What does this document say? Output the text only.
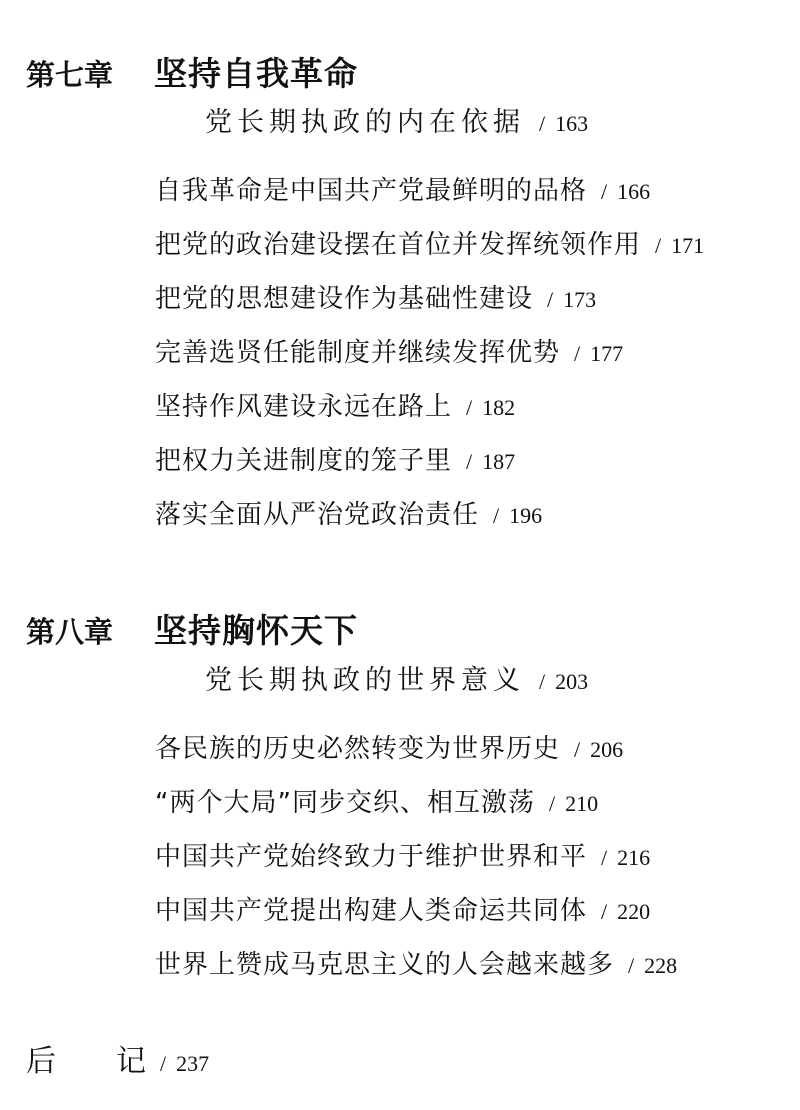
第七章	坚持自我革命
党长期执政的内在依据 / 163
自我革命是中国共产党最鲜明的品格 / 166
把党的政治建设摆在首位并发挥统领作用 / 171
把党的思想建设作为基础性建设 / 173
完善选贤任能制度并继续发挥优势 / 177
坚持作风建设永远在路上 / 182
把权力关进制度的笼子里 / 187
落实全面从严治党政治责任 / 196
第八章	坚持胸怀天下
党长期执政的世界意义 / 203
各民族的历史必然转变为世界历史 / 206
“两个大局”同步交织、相互激荡 / 210
中国共产党始终致力于维护世界和平 / 216
中国共产党提出构建人类命运共同体 / 220
世界上赞成马克思主义的人会越来越多 / 228
后　　记 / 237
